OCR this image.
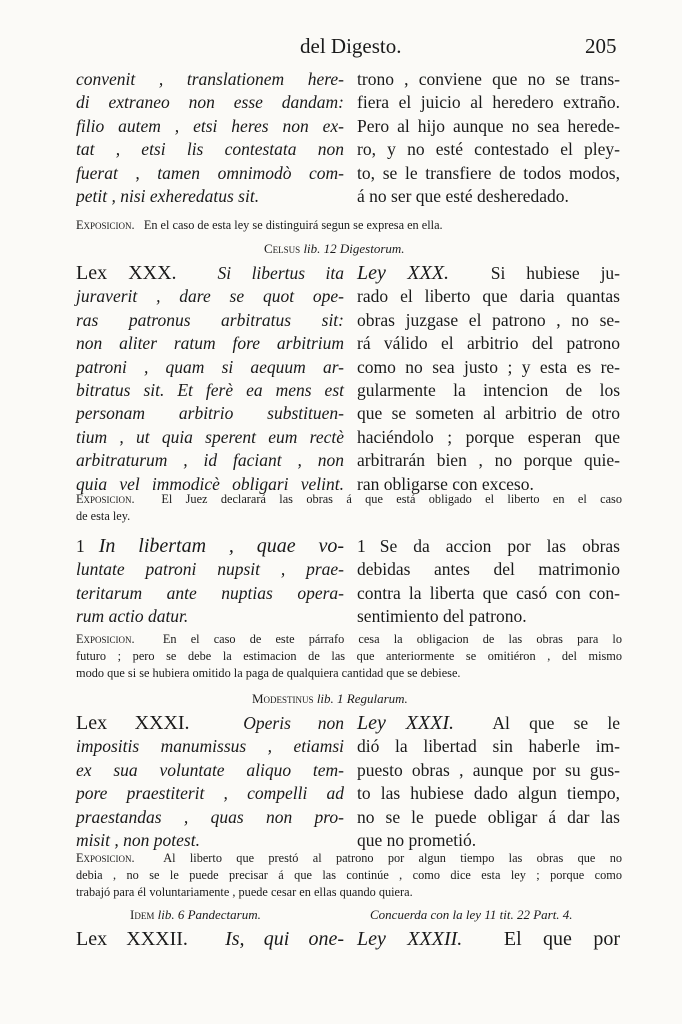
del Digesto.	205
convenit , translationem here-
di extraneo non esse dandam:
filio autem , etsi heres non ex-
tat , etsi lis contestata non
fuerat , tamen omnimodò com-
petit , nisi exheredatus sit.
trono , conviene que no se trans-
fiera el juicio al heredero extraño.
Pero al hijo aunque no sea herede-
ro, y no esté contestado el pley-
to, se le transfiere de todos modos,
á no ser que esté desheredado.
Exposicion. En el caso de esta ley se distinguirá segun se expresa en ella.
Celsus lib. 12 Digestorum.
Lex XXX. Si libertus ita
juraverit , dare se quot ope-
ras patronus arbitratus sit:
non aliter ratum fore arbitrium
patroni , quam si aequum ar-
bitratus sit. Et ferè ea mens est
personam arbitrio substituen-
tium , ut quia sperent eum rectè
arbitraturum , id faciant , non
quia vel immodicè obligari velint.
Ley XXX. Si hubiese ju-
rado el liberto que daria quantas
obras juzgase el patrono , no se-
rá válido el arbitrio del patrono
como no sea justo ; y esta es re-
gularmente la intencion de los
que se someten al arbitrio de otro
haciéndolo ; porque esperan que
arbitrarán bien , no porque quie-
ran obligarse con exceso.
Exposicion. El Juez declarará las obras á que está obligado el liberto en el caso
de esta ley.
1 In libertam , quae vo-
luntate patroni nupsit , prae-
teritarum ante nuptias opera-
rum actio datur.
1 Se da accion por las obras
debidas antes del matrimonio
contra la liberta que casó con con-
sentimiento del patrono.
Exposicion. En el caso de este párrafo cesa la obligacion de las obras para lo
futuro ; pero se debe la estimacion de las que anteriormente se omitiéron , del mismo
modo que si se hubiera omitido la paga de qualquiera cantidad que se debiese.
Modestinus lib. 1 Regularum.
Lex XXXI.	Operis non
impositis manumissus , etiamsi
ex sua voluntate aliquo tem-
pore praestiterit , compelli ad
praestandas , quas non pro-
misit , non potest.
Ley XXXI. Al que se le
dió la libertad sin haberle im-
puesto obras , aunque por su gus-
to las hubiese dado algun tiempo,
no se le puede obligar á dar las
que no prometió.
Exposicion. Al liberto que prestó al patrono por algun tiempo las obras que no
debia , no se le puede precisar á que las continúe , como dice esta ley ; porque como
trabajó para él voluntariamente , puede cesar en ellas quando quiera.
Idem lib. 6 Pandectarum.	Concuerda con la ley 11 tit. 22 Part. 4.
Lex XXXII. Is, qui one- Ley XXXII. El que por
